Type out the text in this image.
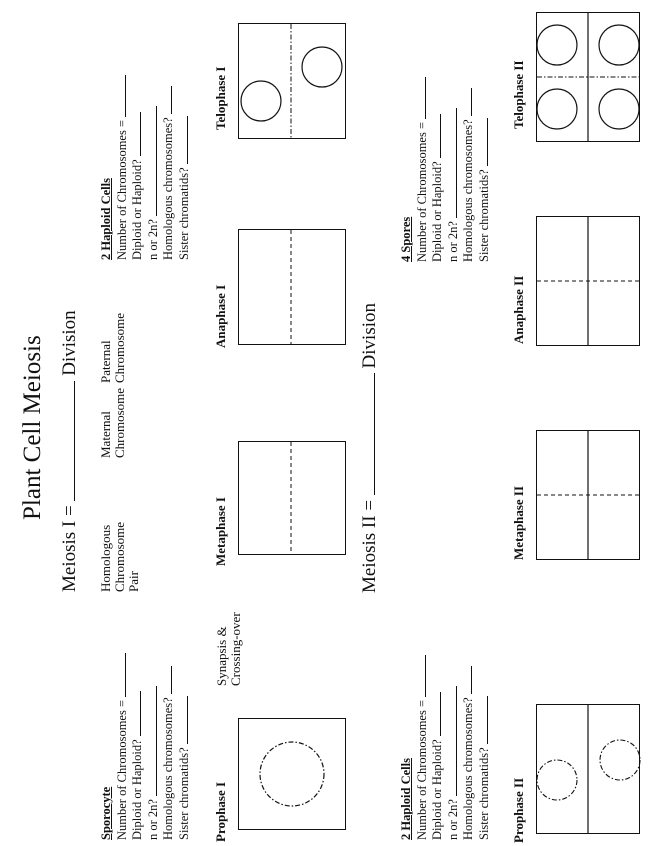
Plant Cell Meiosis
Meiosis I =  Division
Meiosis II =  Division
Homologous Chromosome Pair
Maternal Chromosome
Paternal Chromosome
Synapsis & Crossing-over
Prophase I
Metaphase I
Anaphase I
Telophase I
Prophase II
Metaphase II
Anaphase II
Telophase II
Sporocyte Number of Chromosomes = Diploid or Haploid? n or 2n? Homologous chromosomes? Sister chromatids?
2 Haploid Cells Number of Chromosomes = Diploid or Haploid? n or 2n? Homologous chromosomes? Sister chromatids?
2 Haploid Cells Number of Chromosomes = Diploid or Haploid? n or 2n? Homologous chromosomes? Sister chromatids?
4 Spores Number of Chromosomes = Diploid or Haploid? n or 2n? Homologous chromosomes? Sister chromatids?
